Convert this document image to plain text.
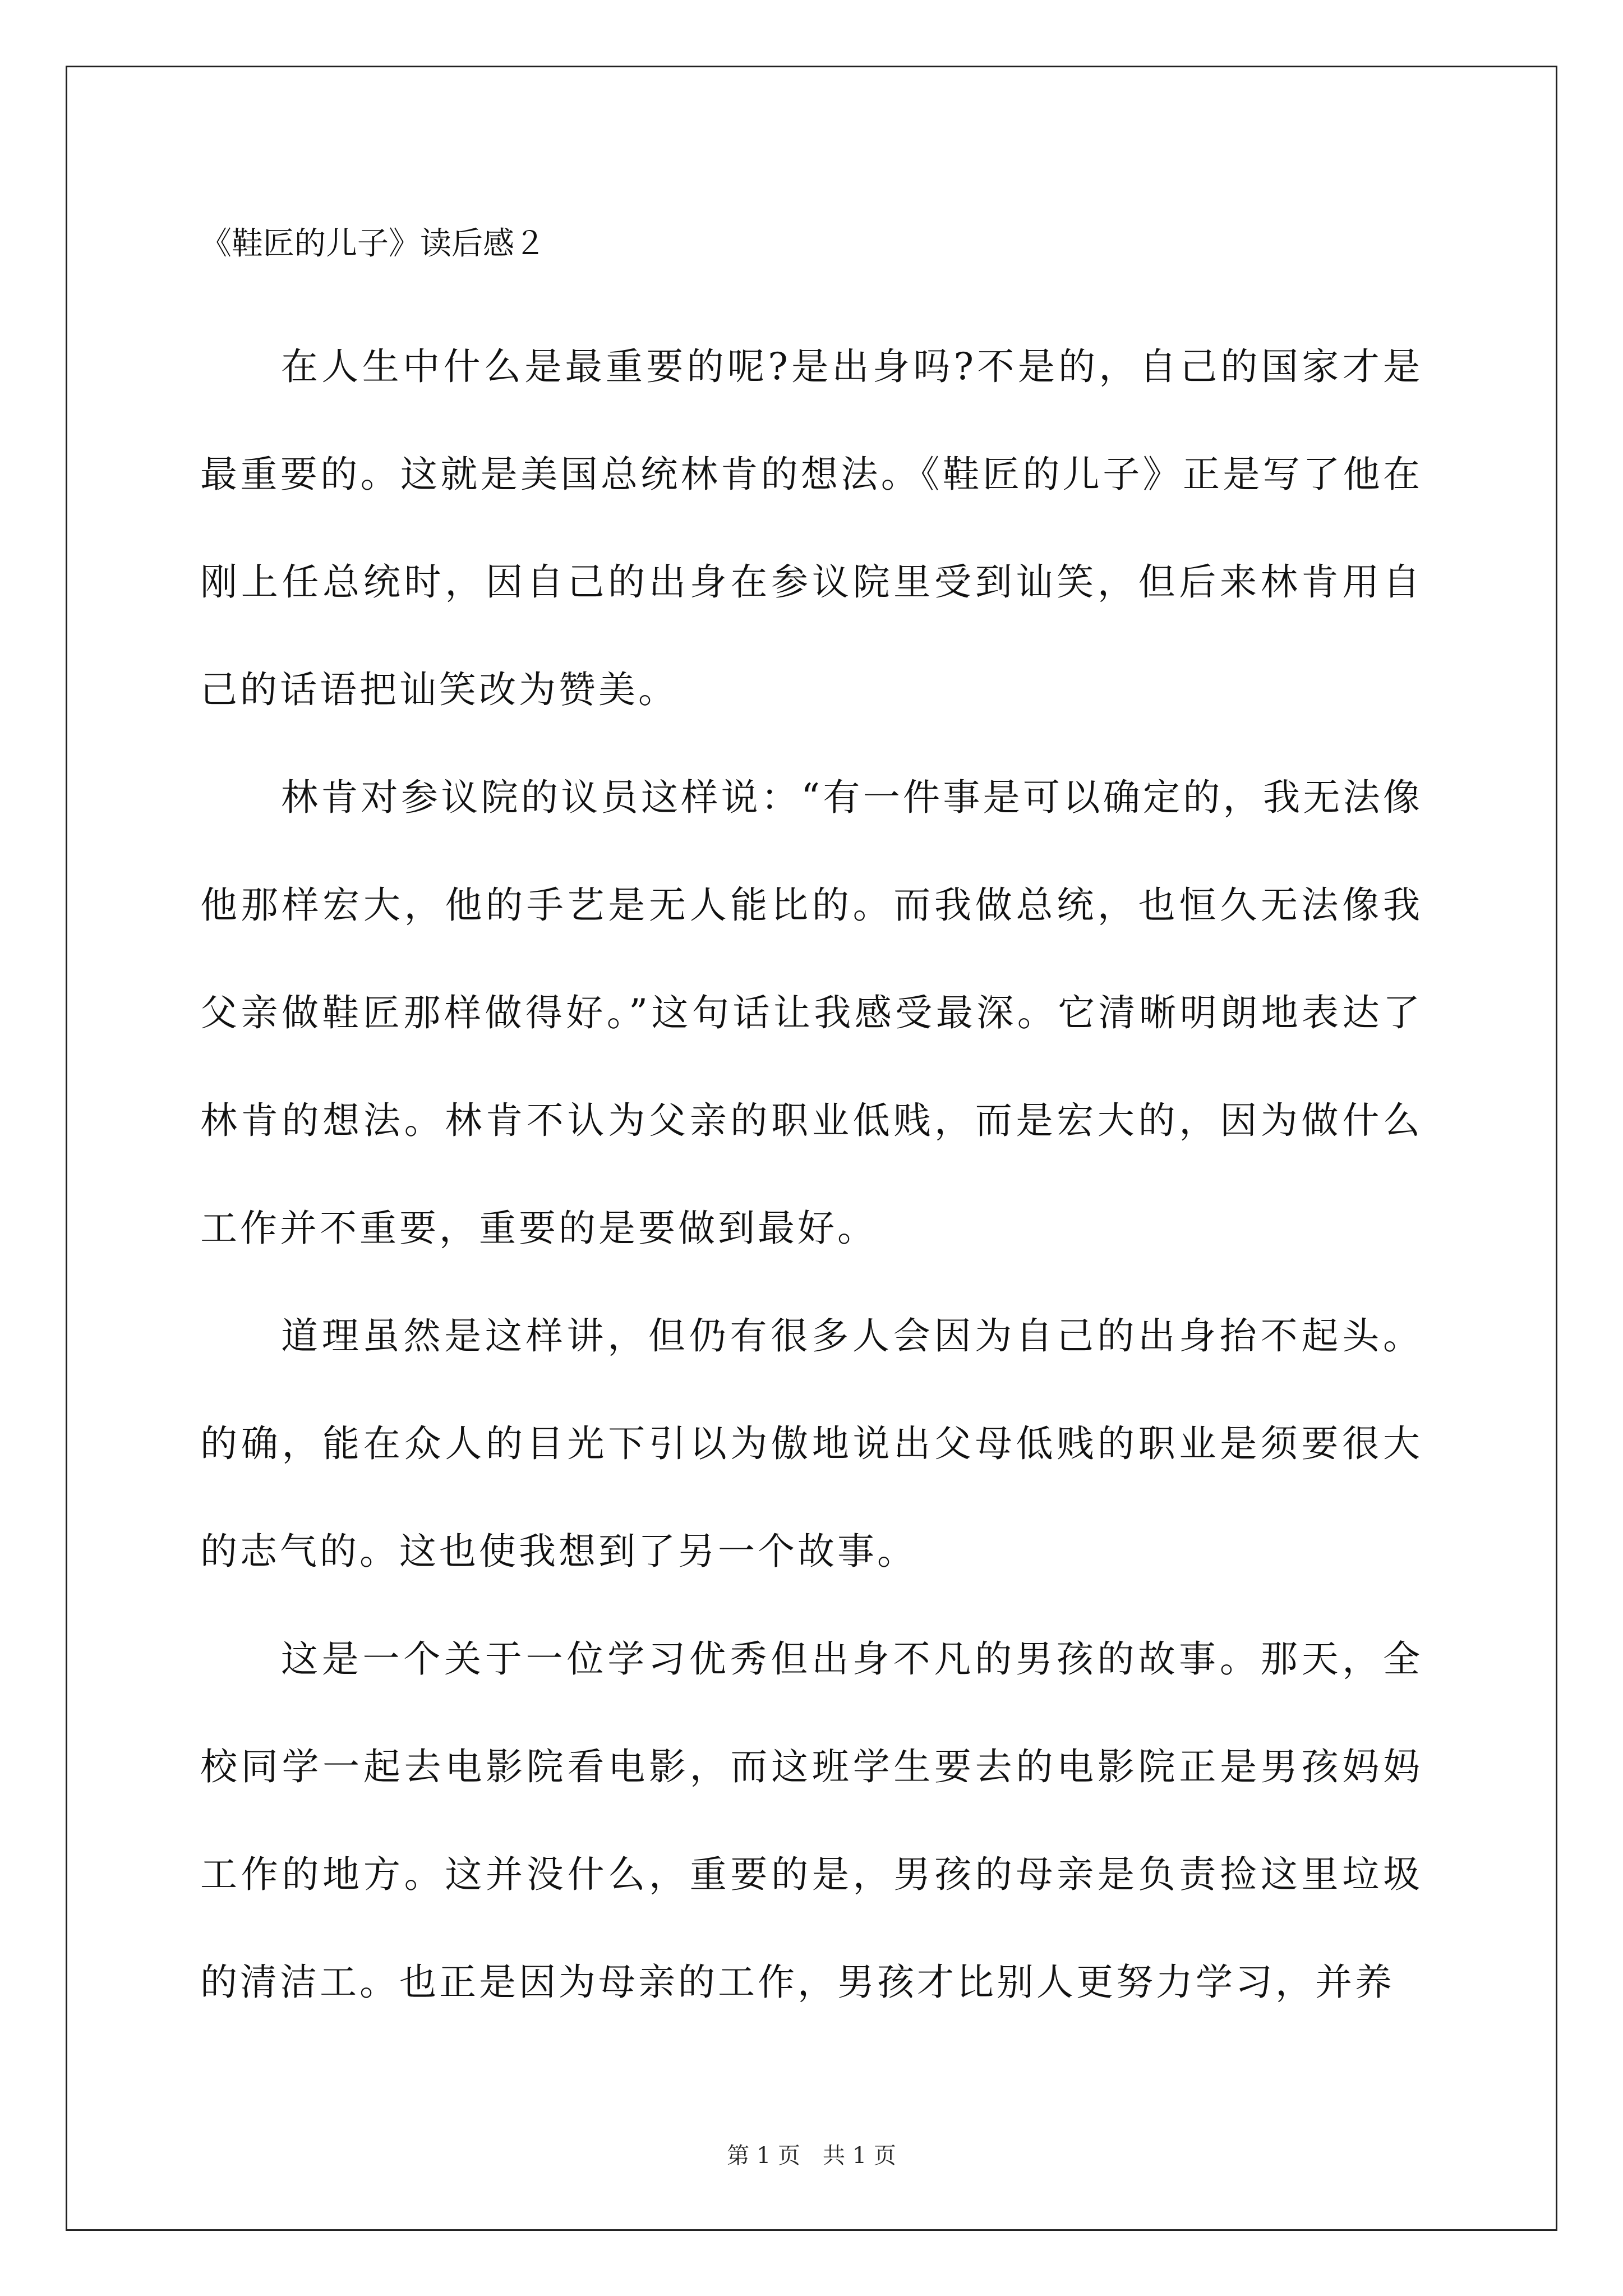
《鞋匠的儿子》读后感２

在人生中什么是最重要的呢?是出身吗?不是的，自己的国家才是最重要的。这就是美国总统林肯的想法。《鞋匠的儿子》正是写了他在刚上任总统时，因自己的出身在参议院里受到讪笑，但后来林肯用自己的话语把讪笑改为赞美。

林肯对参议院的议员这样说：“有一件事是可以确定的，我无法像他那样宏大，他的手艺是无人能比的。而我做总统，也恒久无法像我父亲做鞋匠那样做得好。”这句话让我感受最深。它清晰明朗地表达了林肯的想法。林肯不认为父亲的职业低贱，而是宏大的，因为做什么工作并不重要，重要的是要做到最好。

道理虽然是这样讲，但仍有很多人会因为自己的出身抬不起头。的确，能在众人的目光下引以为傲地说出父母低贱的职业是须要很大的志气的。这也使我想到了另一个故事。

这是一个关于一位学习优秀但出身不凡的男孩的故事。那天，全校同学一起去电影院看电影，而这班学生要去的电影院正是男孩妈妈工作的地方。这并没什么，重要的是，男孩的母亲是负责捡这里垃圾的清洁工。也正是因为母亲的工作，男孩才比别人更努力学习，并养

第 1 页　共 1 页
